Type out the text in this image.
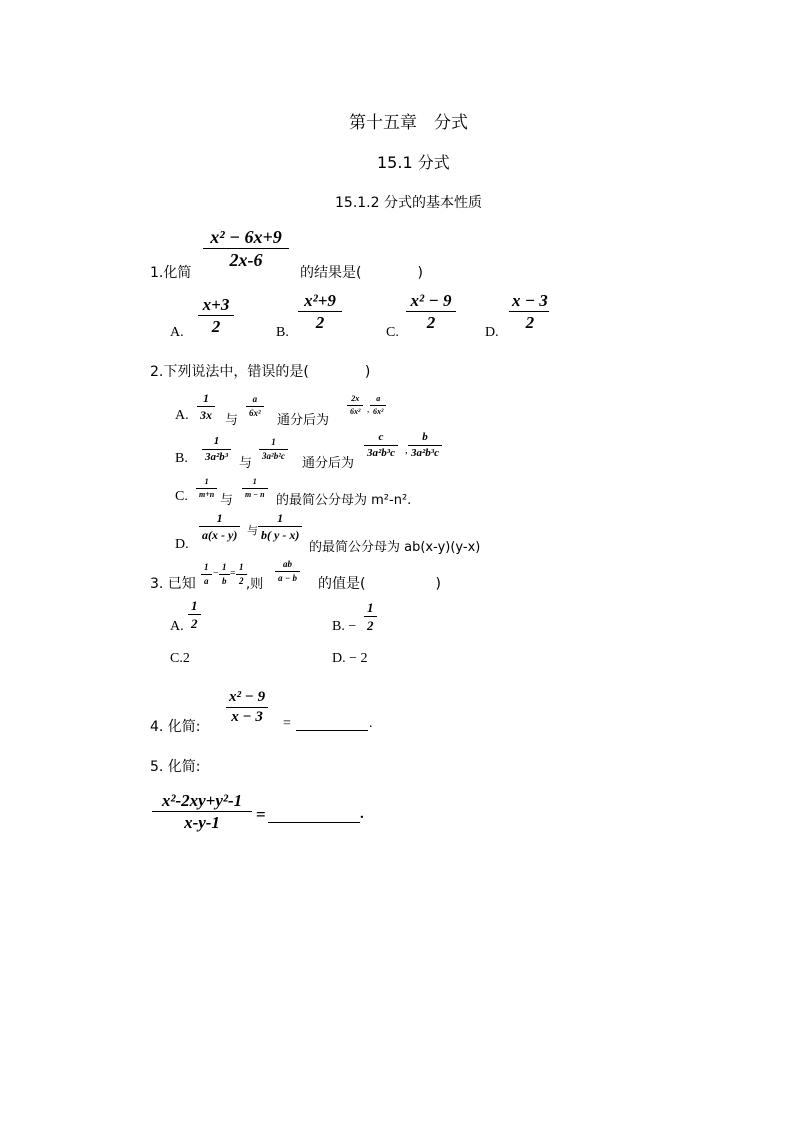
第十五章　分式
15.1 分式
15.1.2 分式的基本性质
1.化简
x² − 6x+9
2x-6
的结果是(　　　　)
A.
x+3
2	B.
x²+9
2
C.
x² − 9
2
D.
x − 3
2
2.下列说法中，错误的是(　　　　)
A.
1
3x 与
a
6x² 通分后为
2x
6x² ,
a
6x²
B.
1
3a²b³ 与
1
3a²b²c 通分后为
c
3a²b³c ,
b
3a²b³c
C.
1
m+n 与
1
m − n 的最简公分母为 m²-n².
D.
1
a(x - y) 与
1
b( y - x)
的最简公分母为 ab(x-y)(y-x)
3. 已知
1
a
−
1
b
=
1
2 ,则
ab
a − b 的值是(　　　　　)
A.
1
2	B. −
1
2
C.2	D. − 2
4. 化简:
x² − 9
x − 3 =	.
5. 化简:
x²-2xy+y²-1
x-y-1 =	.
